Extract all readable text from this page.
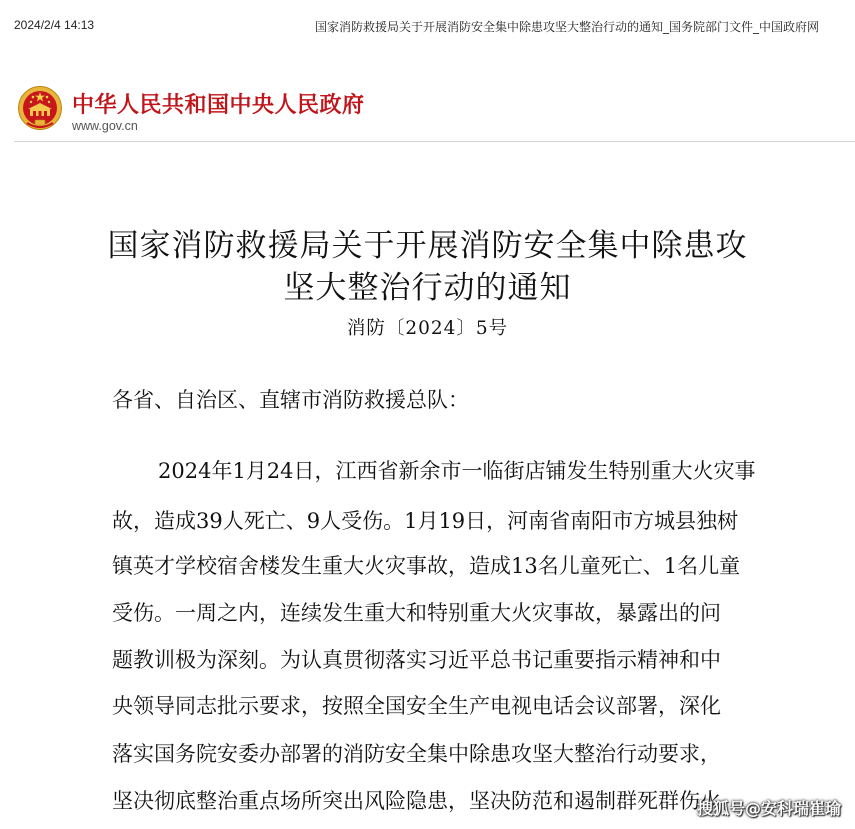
2024/2/4 14:13	国家消防救援局关于开展消防安全集中除患攻坚大整治行动的通知_国务院部门文件_中国政府网
中华人民共和国中央人民政府
www.gov.cn
国家消防救援局关于开展消防安全集中除患攻
坚大整治行动的通知
消防〔2024〕5号
各省、自治区、直辖市消防救援总队：
2024年1月24日，江西省新余市一临街店铺发生特别重大火灾事
故，造成39人死亡、9人受伤。1月19日，河南省南阳市方城县独树
镇英才学校宿舍楼发生重大火灾事故，造成13名儿童死亡、1名儿童
受伤。一周之内，连续发生重大和特别重大火灾事故，暴露出的问
题教训极为深刻。为认真贯彻落实习近平总书记重要指示精神和中
央领导同志批示要求，按照全国安全生产电视电话会议部署，深化
落实国务院安委办部署的消防安全集中除患攻坚大整治行动要求，
坚决彻底整治重点场所突出风险隐患，坚决防范和遏制群死群伤火
搜狐号@安科瑞崔瑜
